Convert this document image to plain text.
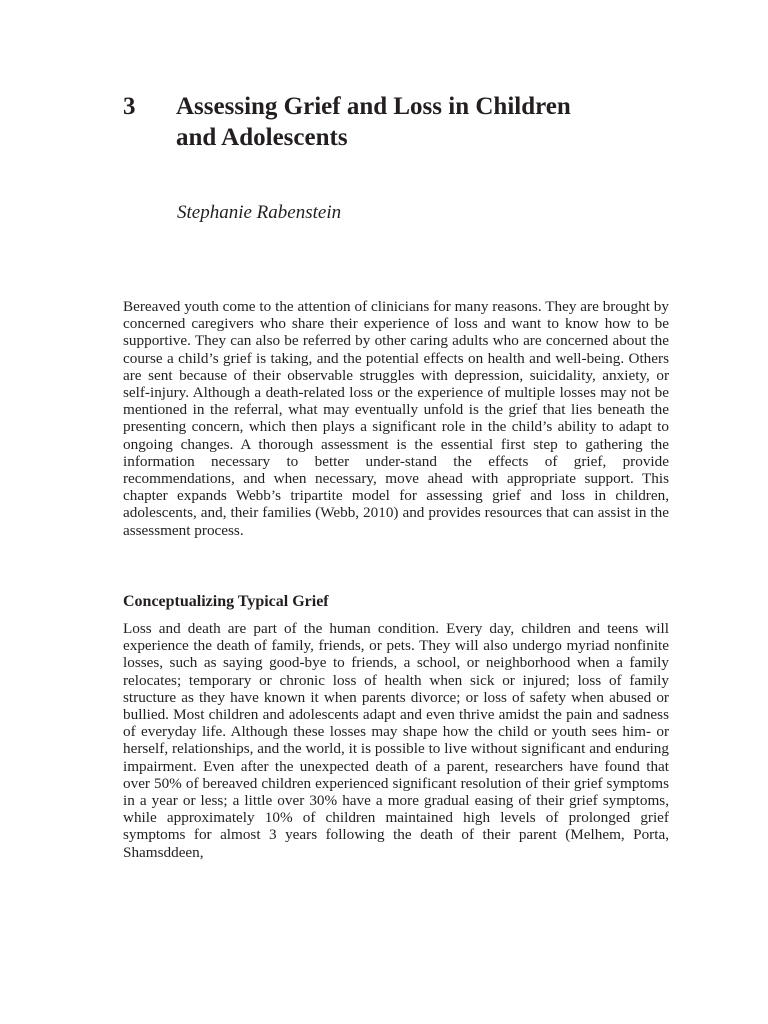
3 Assessing Grief and Loss in Children and Adolescents
Stephanie Rabenstein

Bereaved youth come to the attention of clinicians for many reasons. They are brought by concerned caregivers who share their experience of loss and want to know how to be supportive. They can also be referred by other caring adults who are concerned about the course a child’s grief is taking, and the potential effects on health and well-being. Others are sent because of their observable struggles with depression, suicidality, anxiety, or self-injury. Although a death-related loss or the experience of multiple losses may not be mentioned in the referral, what may eventually unfold is the grief that lies beneath the presenting concern, which then plays a significant role in the child’s ability to adapt to ongoing changes. A thorough assessment is the essential first step to gathering the information necessary to better under-stand the effects of grief, provide recommendations, and when necessary, move ahead with appropriate support. This chapter expands Webb’s tripartite model for assessing grief and loss in children, adolescents, and, their families (Webb, 2010) and provides resources that can assist in the assessment process.

Conceptualizing Typical Grief

Loss and death are part of the human condition. Every day, children and teens will experience the death of family, friends, or pets. They will also undergo myriad nonfinite losses, such as saying good-bye to friends, a school, or neighborhood when a family relocates; temporary or chronic loss of health when sick or injured; loss of family structure as they have known it when parents divorce; or loss of safety when abused or bullied. Most children and adolescents adapt and even thrive amidst the pain and sadness of everyday life. Although these losses may shape how the child or youth sees him- or herself, relationships, and the world, it is possible to live without significant and enduring impairment. Even after the unexpected death of a parent, researchers have found that over 50% of bereaved children experienced significant resolution of their grief symptoms in a year or less; a little over 30% have a more gradual easing of their grief symptoms, while approximately 10% of children maintained high levels of prolonged grief symptoms for almost 3 years following the death of their parent (Melhem, Porta, Shamsddeen,
